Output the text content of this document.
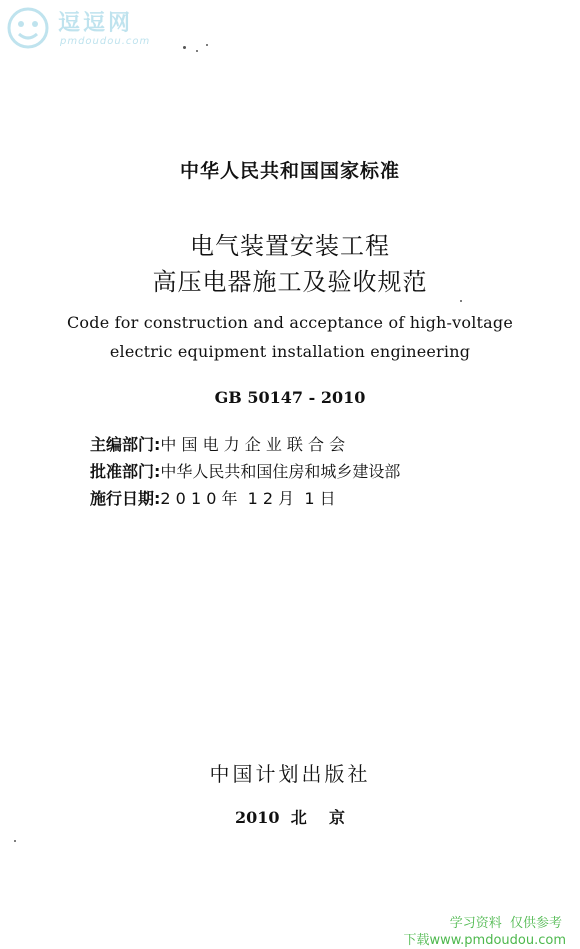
逗逗网
pmdoudou.com
中华人民共和国国家标准
电气装置安装工程
高压电器施工及验收规范
Code for construction and acceptance of high-voltage
electric equipment installation engineering
GB 50147 - 2010
主编部门:中 国 电 力 企 业 联 合 会
批准部门:中华人民共和国住房和城乡建设部
施行日期:2 0 1 0 年  1 2 月  1 日
中国计划出版社
2010  北    京
学习资料  仅供参考
下载www.pmdoudou.com
